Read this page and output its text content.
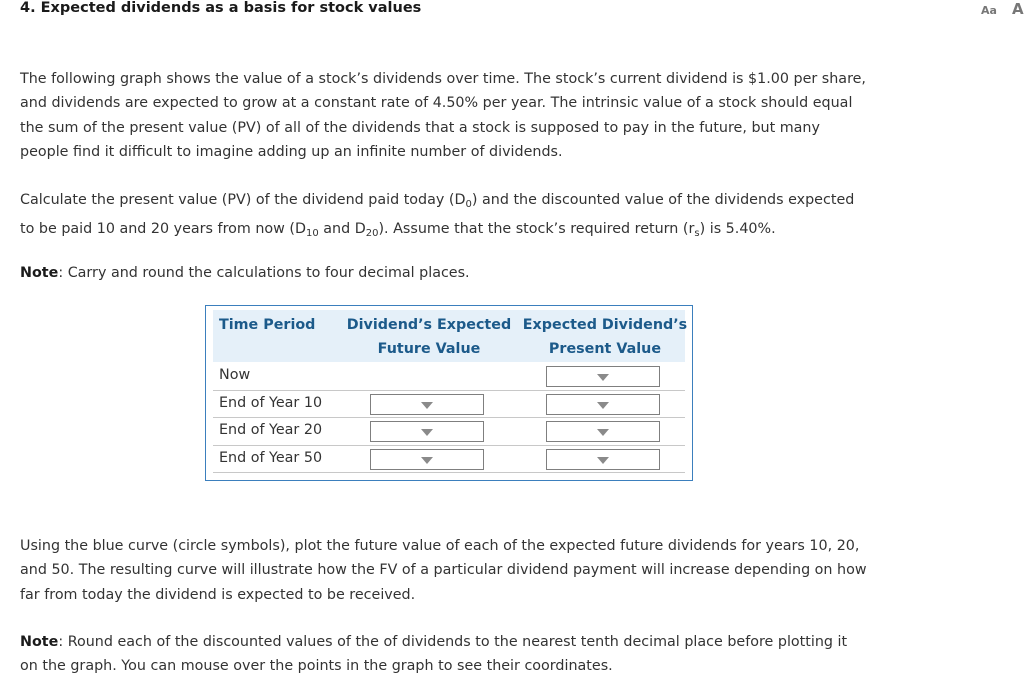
4. Expected dividends as a basis for stock values	Aa A
The following graph shows the value of a stock’s dividends over time. The stock’s current dividend is $1.00 per share,
and dividends are expected to grow at a constant rate of 4.50% per year. The intrinsic value of a stock should equal
the sum of the present value (PV) of all of the dividends that a stock is supposed to pay in the future, but many
people find it difficult to imagine adding up an infinite number of dividends.
Calculate the present value (PV) of the dividend paid today $(D_0)$ and the discounted value of the dividends expected
to be paid 10 and 20 years from now ($D_{10}$ and $D_{20}$). Assume that the stock’s required return $(r_s)$ is 5.40%.
Note: Carry and round the calculations to four decimal places.
Time Period Dividend’s Expected
Future Value
Expected Dividend’s
Present Value
Now
End of Year 10
End of Year 20
End of Year 50
Using the blue curve (circle symbols), plot the future value of each of the expected future dividends for years 10, 20,
and 50. The resulting curve will illustrate how the FV of a particular dividend payment will increase depending on how
far from today the dividend is expected to be received.
Note: Round each of the discounted values of the of dividends to the nearest tenth decimal place before plotting it
on the graph. You can mouse over the points in the graph to see their coordinates.
